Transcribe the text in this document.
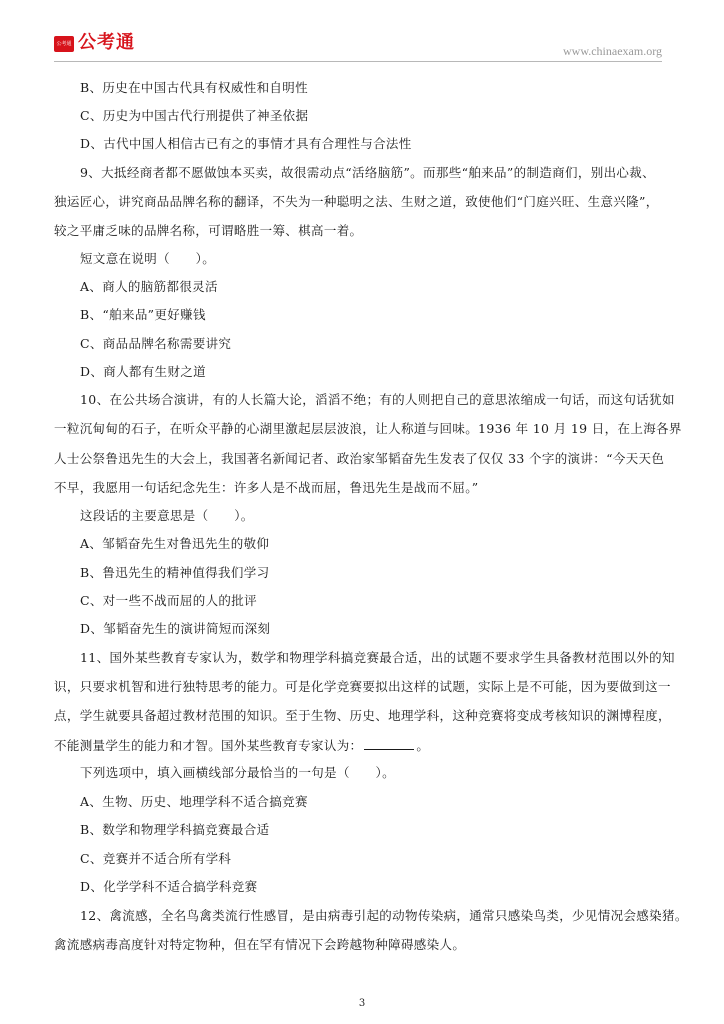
公考通 公考通	www.chinaexam.org
B、历史在中国古代具有权威性和自明性
C、历史为中国古代行刑提供了神圣依据
D、古代中国人相信古已有之的事情才具有合理性与合法性
9、大抵经商者都不愿做蚀本买卖，故很需动点“活络脑筋”。而那些“舶来品”的制造商们，别出心裁、
独运匠心，讲究商品品牌名称的翻译，不失为一种聪明之法、生财之道，致使他们“门庭兴旺、生意兴隆”，
较之平庸乏味的品牌名称，可谓略胜一筹、棋高一着。
短文意在说明（　　）。
A、商人的脑筋都很灵活
B、“舶来品”更好赚钱
C、商品品牌名称需要讲究
D、商人都有生财之道
10、在公共场合演讲，有的人长篇大论，滔滔不绝；有的人则把自己的意思浓缩成一句话，而这句话犹如
一粒沉甸甸的石子，在听众平静的心湖里激起层层波浪，让人称道与回味。1936 年 10 月 19 日，在上海各界
人士公祭鲁迅先生的大会上，我国著名新闻记者、政治家邹韬奋先生发表了仅仅 33 个字的演讲：“今天天色
不早，我愿用一句话纪念先生：许多人是不战而屈，鲁迅先生是战而不屈。”
这段话的主要意思是（　　）。
A、邹韬奋先生对鲁迅先生的敬仰
B、鲁迅先生的精神值得我们学习
C、对一些不战而屈的人的批评
D、邹韬奋先生的演讲简短而深刻
11、国外某些教育专家认为，数学和物理学科搞竞赛最合适，出的试题不要求学生具备教材范围以外的知
识，只要求机智和进行独特思考的能力。可是化学竞赛要拟出这样的试题，实际上是不可能，因为要做到这一
点，学生就要具备超过教材范围的知识。至于生物、历史、地理学科，这种竞赛将变成考核知识的渊博程度，
不能测量学生的能力和才智。国外某些教育专家认为：	。
下列选项中，填入画横线部分最恰当的一句是（　　）。
A、生物、历史、地理学科不适合搞竞赛
B、数学和物理学科搞竞赛最合适
C、竞赛并不适合所有学科
D、化学学科不适合搞学科竞赛
12、禽流感，全名鸟禽类流行性感冒，是由病毒引起的动物传染病，通常只感染鸟类，少见情况会感染猪。
禽流感病毒高度针对特定物种，但在罕有情况下会跨越物种障碍感染人。
3
